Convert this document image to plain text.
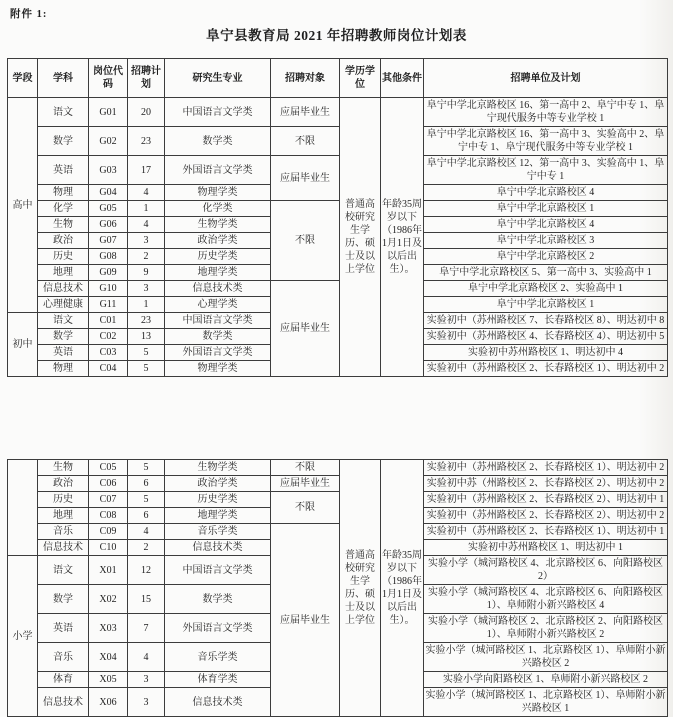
附件 1:
阜宁县教育局 2021 年招聘教师岗位计划表
学段	学科	岗位代码	招聘计划	研究生专业	招聘对象	学历学位	其他条件	招聘单位及计划
高中	语文	G01	20	中国语言文学类	应届毕业生	普通高校研究生学历、硕士及以上学位	年龄35周岁以下（1986年1月1日及以后出生）。	阜宁中学北京路校区 16、第一高中 2、阜宁中专 1、阜宁现代服务中等专业学校 1
	数学	G02	23	数学类	不限			阜宁中学北京路校区 16、第一高中 3、实验高中 2、阜宁中专 1、阜宁现代服务中等专业学校 1
	英语	G03	17	外国语言文学类	应届毕业生			阜宁中学北京路校区 12、第一高中 3、实验高中 1、阜宁中专 1
	物理	G04	4	物理学类				阜宁中学北京路校区 4
	化学	G05	1	化学类	不限			阜宁中学北京路校区 1
	生物	G06	4	生物学类				阜宁中学北京路校区 4
	政治	G07	3	政治学类				阜宁中学北京路校区 3
	历史	G08	2	历史学类				阜宁中学北京路校区 2
	地理	G09	9	地理学类				阜宁中学北京路校区 5、第一高中 3、实验高中 1
	信息技术	G10	3	信息技术类	应届毕业生			阜宁中学北京路校区 2、实验高中 1
	心理健康	G11	1	心理学类				阜宁中学北京路校区 1
初中	语文	C01	23	中国语言文学类				实验初中（苏州路校区 7、长春路校区 8）、明达初中 8
	数学	C02	13	数学类				实验初中（苏州路校区 4、长春路校区 4）、明达初中 5
	英语	C03	5	外国语言文学类				实验初中苏州路校区 1、明达初中 4
	物理	C04	5	物理学类				实验初中（苏州路校区 2、长春路校区 1）、明达初中 2
	生物	C05	5	生物学类	不限	普通高校研究生学历、硕士及以上学位	年龄35周岁以下（1986年1月1日及以后出生）。	实验初中（苏州路校区 2、长春路校区 1）、明达初中 2
	政治	C06	6	政治学类	应届毕业生			实验初中苏（州路校区 2、长春路校区 2）、明达初中 2
	历史	C07	5	历史学类	不限			实验初中（苏州路校区 2、长春路校区 2）、明达初中 1
	地理	C08	6	地理学类				实验初中（苏州路校区 2、长春路校区 2）、明达初中 2
	音乐	C09	4	音乐学类	应届毕业生			实验初中（苏州路校区 2、长春路校区 1）、明达初中 1
	信息技术	C10	2	信息技术类				实验初中苏州路校区 1、明达初中 1
小学	语文	X01	12	中国语言文学类				实验小学（城河路校区 4、北京路校区 6、向阳路校区 2）
	数学	X02	15	数学类				实验小学（城河路校区 4、北京路校区 6、向阳路校区 1）、阜师附小新兴路校区 4
	英语	X03	7	外国语言文学类				实验小学（城河路校区 2、北京路校区 2、向阳路校区 1）、阜师附小新兴路校区 2
	音乐	X04	4	音乐学类				实验小学（城河路校区 1、北京路校区 1）、阜师附小新兴路校区 2
	体育	X05	3	体育学类				实验小学向阳路校区 1、阜师附小新兴路校区 2
	信息技术	X06	3	信息技术类				实验小学（城河路校区 1、北京路校区 1）、阜师附小新兴路校区 1
